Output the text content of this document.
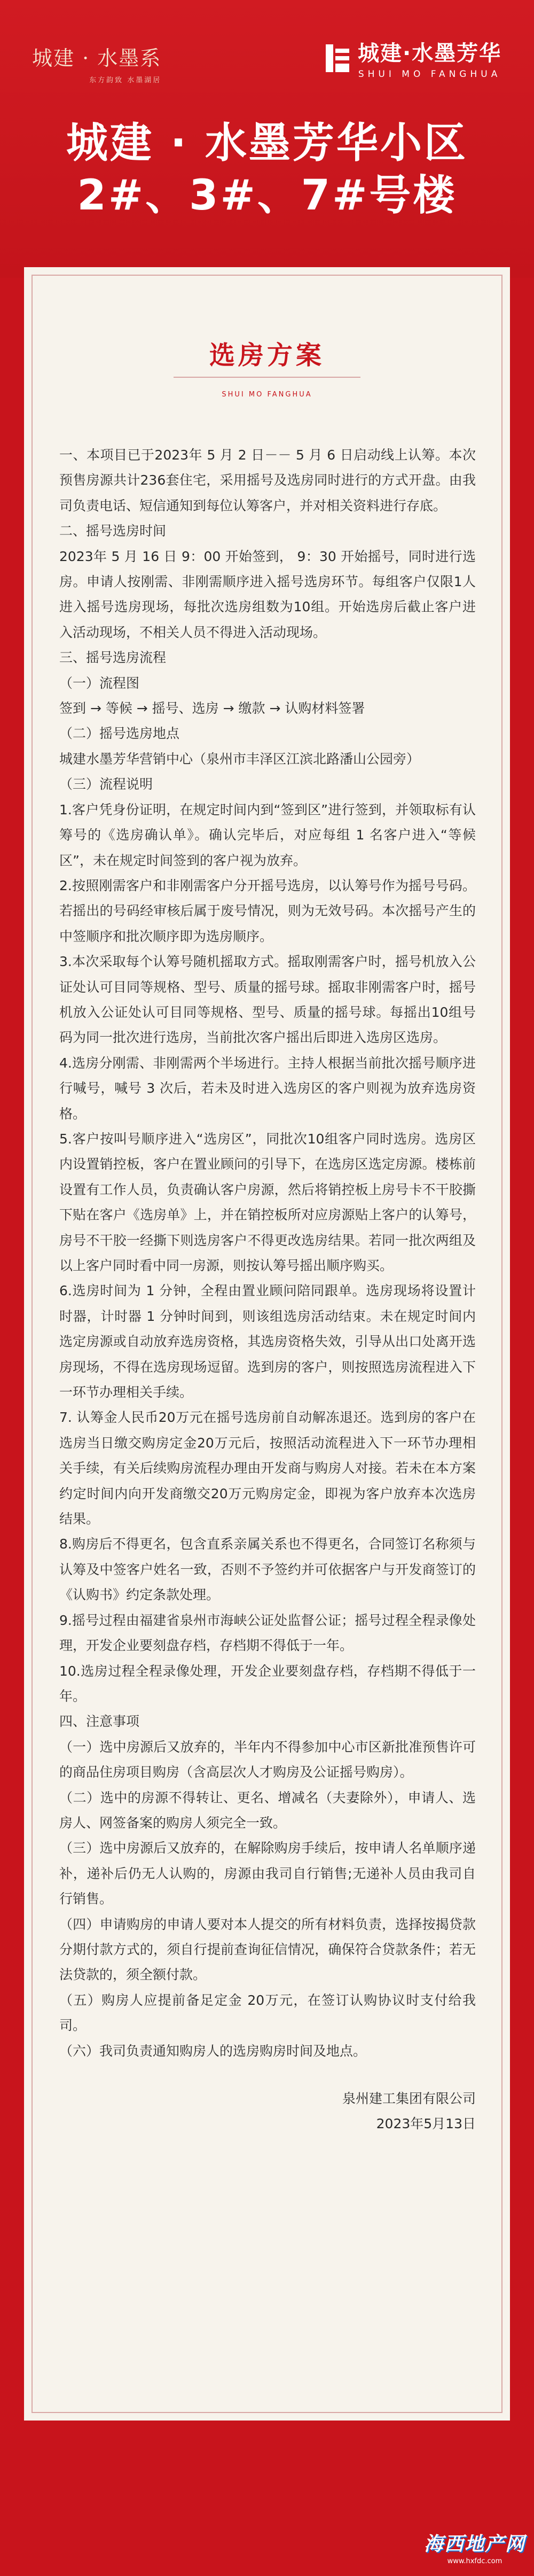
城建 · 水墨系
东方韵致 水墨湖居
城建·水墨芳华
SHUI MO FANGHUA
城建 · 水墨芳华小区
2#、3#、7#号楼
选房方案
SHUI MO FANGHUA

一、本项目已于2023年 5 月 2 日－－ 5 月 6 日启动线上认筹。本次预售房源共计236套住宅，采用摇号及选房同时进行的方式开盘。由我司负责电话、短信通知到每位认筹客户，并对相关资料进行存底。

二、摇号选房时间

2023年 5 月 16 日 9：00 开始签到， 9：30 开始摇号，同时进行选房。申请人按刚需、非刚需顺序进入摇号选房环节。每组客户仅限1人进入摇号选房现场，每批次选房组数为10组。开始选房后截止客户进入活动现场，不相关人员不得进入活动现场。

三、摇号选房流程

（一）流程图

签到 → 等候 → 摇号、选房 → 缴款 → 认购材料签署

（二）摇号选房地点

城建水墨芳华营销中心（泉州市丰泽区江滨北路潘山公园旁）

（三）流程说明

1.客户凭身份证明，在规定时间内到“签到区”进行签到，并领取标有认筹号的《选房确认单》。确认完毕后，对应每组 1 名客户进入“等候区”，未在规定时间签到的客户视为放弃。

2.按照刚需客户和非刚需客户分开摇号选房，以认筹号作为摇号号码。若摇出的号码经审核后属于废号情况，则为无效号码。本次摇号产生的中签顺序和批次顺序即为选房顺序。

3.本次采取每个认筹号随机摇取方式。摇取刚需客户时，摇号机放入公证处认可目同等规格、型号、质量的摇号球。摇取非刚需客户时，摇号机放入公证处认可目同等规格、型号、质量的摇号球。每摇出10组号码为同一批次进行选房，当前批次客户摇出后即进入选房区选房。

4.选房分刚需、非刚需两个半场进行。主持人根据当前批次摇号顺序进行喊号，喊号 3 次后，若未及时进入选房区的客户则视为放弃选房资格。

5.客户按叫号顺序进入“选房区”，同批次10组客户同时选房。选房区内设置销控板，客户在置业顾问的引导下，在选房区选定房源。楼栋前设置有工作人员，负责确认客户房源，然后将销控板上房号卡不干胶撕下贴在客户《选房单》上，并在销控板所对应房源贴上客户的认筹号，房号不干胶一经撕下则选房客户不得更改选房结果。若同一批次两组及以上客户同时看中同一房源，则按认筹号摇出顺序购买。

6.选房时间为 1 分钟，全程由置业顾问陪同跟单。选房现场将设置计时器，计时器 1 分钟时间到，则该组选房活动结束。未在规定时间内选定房源或自动放弃选房资格，其选房资格失效，引导从出口处离开选房现场，不得在选房现场逗留。选到房的客户，则按照选房流程进入下一环节办理相关手续。

7. 认筹金人民币20万元在摇号选房前自动解冻退还。选到房的客户在选房当日缴交购房定金20万元后，按照活动流程进入下一环节办理相关手续，有关后续购房流程办理由开发商与购房人对接。若未在本方案约定时间内向开发商缴交20万元购房定金，即视为客户放弃本次选房结果。

8.购房后不得更名，包含直系亲属关系也不得更名，合同签订名称须与认筹及中签客户姓名一致，否则不予签约并可依据客户与开发商签订的《认购书》约定条款处理。

9.摇号过程由福建省泉州市海峡公证处监督公证；摇号过程全程录像处理，开发企业要刻盘存档，存档期不得低于一年。

10.选房过程全程录像处理，开发企业要刻盘存档，存档期不得低于一年。

四、注意事项

（一）选中房源后又放弃的，半年内不得参加中心市区新批准预售许可的商品住房项目购房（含高层次人才购房及公证摇号购房）。

（二）选中的房源不得转让、更名、增减名（夫妻除外），申请人、选房人、网签备案的购房人须完全一致。

（三）选中房源后又放弃的，在解除购房手续后，按申请人名单顺序递补，递补后仍无人认购的，房源由我司自行销售;无递补人员由我司自行销售。

（四）申请购房的申请人要对本人提交的所有材料负责，选择按揭贷款分期付款方式的，须自行提前查询征信情况，确保符合贷款条件；若无法贷款的，须全额付款。

（五）购房人应提前备足定金 20万元，在签订认购协议时支付给我司。

（六）我司负责通知购房人的选房购房时间及地点。

泉州建工集团有限公司

2023年5月13日

海西地产网
www.hxfdc.com
